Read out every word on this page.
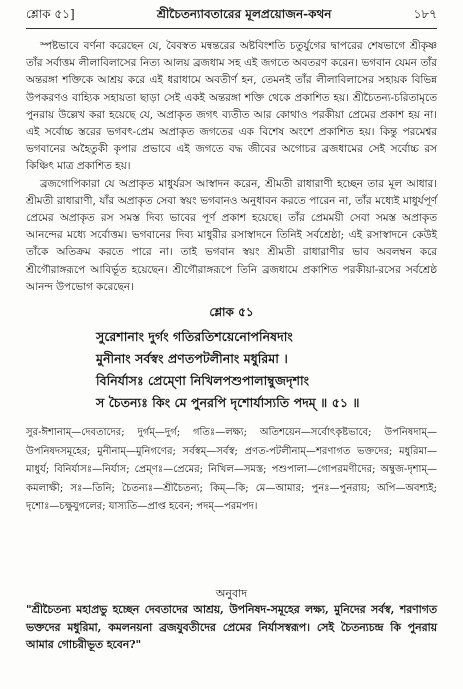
শ্লোক ৫১]	শ্রীচৈতন্যাবতারের মূলপ্রয়োজন-কথন	১৮৭

স্পষ্টভাবে বর্ণনা করেছেন যে, বৈবস্বত মন্বন্তরের অষ্টবিংশতি চতুর্যুগের দ্বাপরের শেষভাগে শ্রীকৃষ্ণ তাঁর সর্বাত্তম লীলাবিলাসের নিত্য আলয় ব্রজধাম সহ এই জগতে অবতরণ করেন। ভগবান যেমন তাঁর অন্তরঙ্গা শক্তিকে আশ্রয় করে এই ধরাধামে অবতীর্ণ হন, তেমনই তাঁর লীলাবিলাসের সহায়ক বিভিন্ন উপকরণও বাহ্যিক সহায়তা ছাড়া সেই একই অন্তরঙ্গা শক্তি থেকে প্রকাশিত হয়। শ্রীচৈতন্য-চরিতামৃতে পুনরায় উল্লেখ করা হয়েছে যে, অপ্রাকৃত জগৎ ব্যতীত আর কোথাও পরকীয়া প্রেমের প্রকাশ হয় না। এই সর্বোচ্চ স্তরের ভগবৎ-প্রেম অপ্রাকৃত জগতের এক বিশেষ অংশে প্রকাশিত হয়। কিন্তু পরমেশ্বর ভগবানের অহৈতুকী কৃপার প্রভাবে এই জগতে বদ্ধ জীবের অগোচর ব্রজধামের সেই সর্বোচ্চ রস কিঞ্চিৎ মাত্র প্রকাশিত হয়।

ব্রজগোপিকারা যে অপ্রাকৃত মাধুর্যরস আস্বাদন করেন, শ্রীমতী রাধারাণী হচ্ছেন তার মূল আধার। শ্রীমতী রাধারাণী, যাঁর অপ্রাকৃত সেবা স্বয়ং ভগবানও অনুধাবন করতে পারেন না, তাঁর মধ্যেই মাধুর্যপূর্ণ প্রেমের অপ্রাকৃত রস সমস্ত দিব্য ভাবের পূর্ণ প্রকাশ হয়েছে। তাঁর প্রেমময়ী সেবা সমস্ত অপ্রাকৃত আনন্দের মধ্যে সর্বোত্তম। ভগবানের দিব্য মাধুরীর রসাস্বাদনে তিনিই সর্বশ্রেষ্ঠা; এই রসাস্বাদনে কেউই তাঁকে অতিক্রম করতে পারে না। তাই ভগবান স্বয়ং শ্রীমতী রাধারাণীর ভাব অবলম্বন করে শ্রীগৌরাঙ্গরূপে আবির্ভূত হয়েছেন। শ্রীগৌরাঙ্গরূপে তিনি ব্রজধামে প্রকাশিত পরকীয়া-রসের সর্বশ্রেষ্ঠ আনন্দ উপভোগ করেছেন।

শ্লোক ৫১
সুরেশানাং দুর্গং গতিরতিশয়েনোপনিষদাং
মুনীনাং সর্বস্বং প্রণতপটলীনাং মধুরিমা ।
বিনির্যাসঃ প্রেম্ণো নিখিলপশুপালাম্বুজদৃশাং
স চৈতন্যঃ কিং মে পুনরপি দৃশোর্যাস্যতি পদম্ ॥ ৫১ ॥
সুর-ঈশানাম্—দেবতাদের; দুর্গম্—দুর্গ; গতিঃ—লক্ষ্য; অতিশয়েন—সর্বোৎকৃষ্টভাবে; উপনিষদাম্—উপনিষদসমূহের; মুনীনাম্—মুনিগণের; সর্বস্বম্—সর্বস্ব; প্রণত-পটলীনাম্—শরণাগত ভক্তদের; মধুরিমা—মাধুর্য; বিনির্যাসঃ—নির্যাস; প্রেম্ণঃ—প্রেমের; নিখিল—সমস্ত; পশুপালা—গোপরমণীদের; অম্বুজ-দৃশাম্—কমলাক্ষী; সঃ—তিনি; চৈতন্যঃ—শ্রীচৈতন্য; কিম্—কি; মে—আমার; পুনঃ—পুনরায়; অপি—অবশ্যই; দৃশোঃ—চক্ষুযুগলের; যাস্যতি—প্রাপ্ত হবেন; পদম্—পরমপদ।
অনুবাদ
"শ্রীচৈতন্য মহাপ্রভু হচ্ছেন দেবতাদের আশ্রয়, উপনিষদ-সমূহের লক্ষ্য, মুনিদের সর্বস্ব, শরণাগত ভক্তদের মধুরিমা, কমলনয়না ব্রজযুবতীদের প্রেমের নির্যাসস্বরূপ। সেই চৈতন্যচন্দ্র কি পুনরায় আমার গোচরীভূত হবেন?"
